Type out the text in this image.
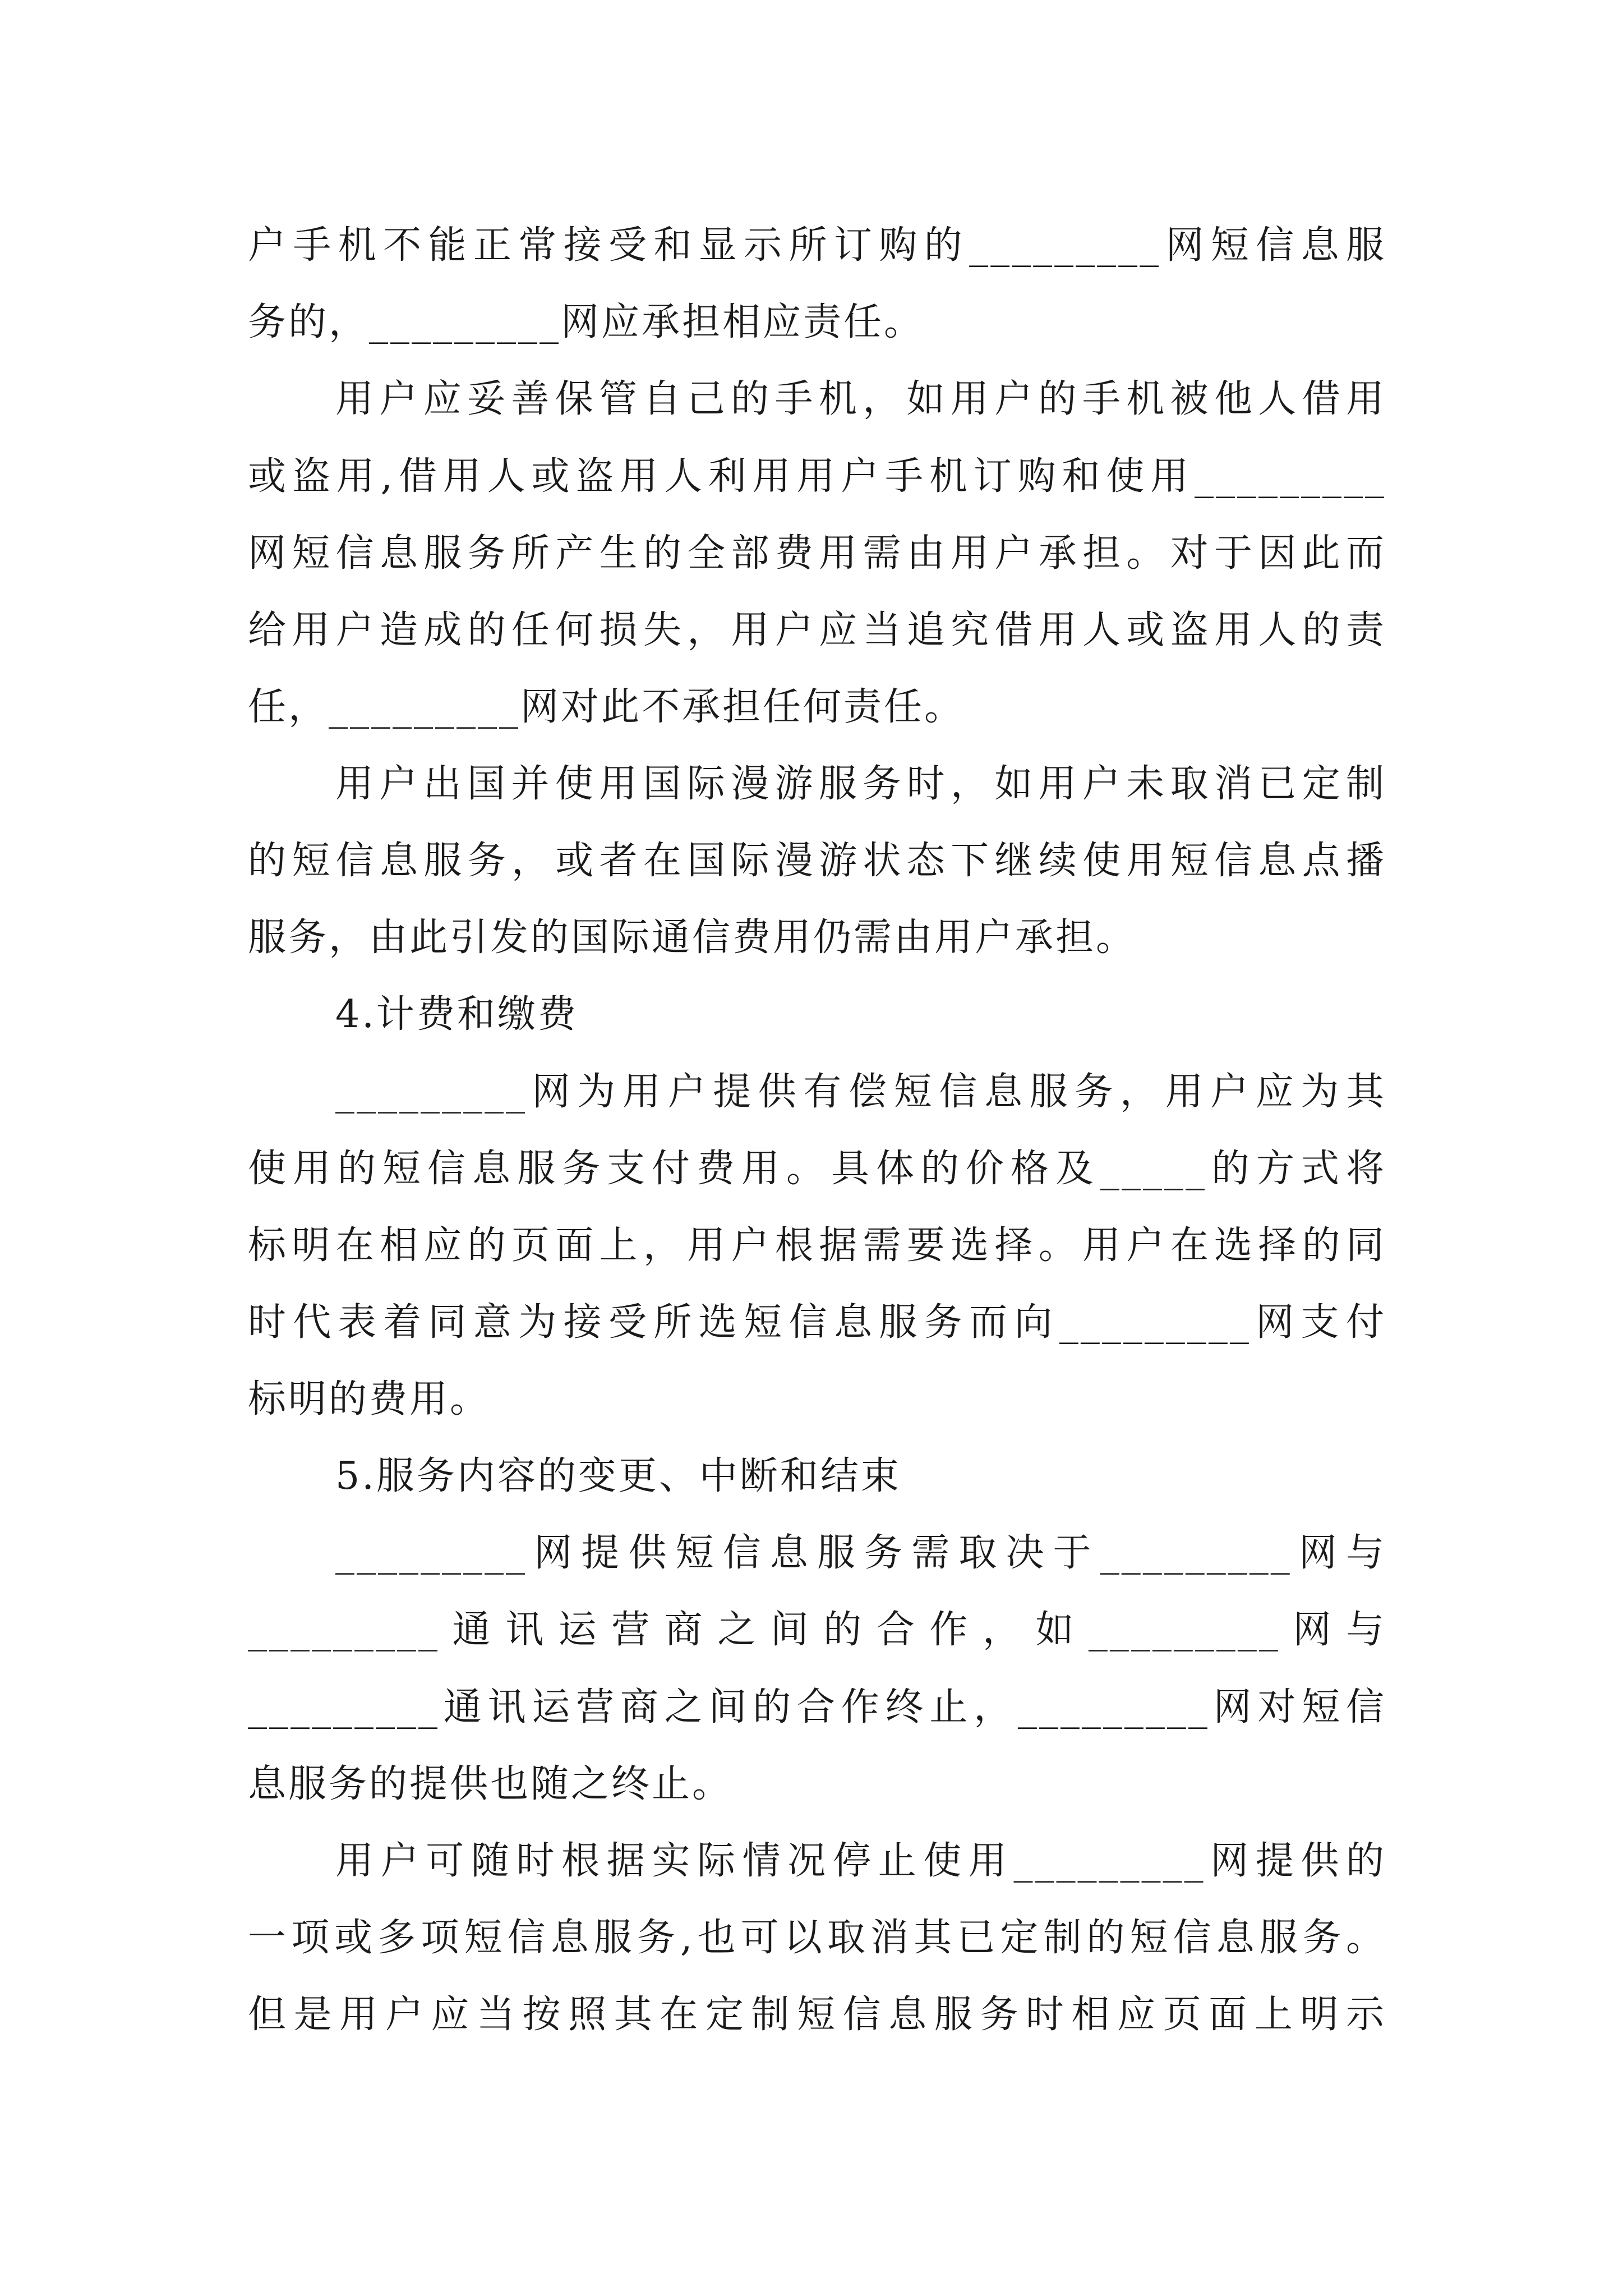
户手机不能正常接受和显示所订购的_________网短信息服

务的，_________网应承担相应责任。

用户应妥善保管自己的手机，如用户的手机被他人借用

或盗用,借用人或盗用人利用用户手机订购和使用_________

网短信息服务所产生的全部费用需由用户承担。对于因此而

给用户造成的任何损失，用户应当追究借用人或盗用人的责

任，_________网对此不承担任何责任。

用户出国并使用国际漫游服务时，如用户未取消已定制

的短信息服务，或者在国际漫游状态下继续使用短信息点播

服务，由此引发的国际通信费用仍需由用户承担。

4.计费和缴费

_________网为用户提供有偿短信息服务，用户应为其

使用的短信息服务支付费用。具体的价格及_____的方式将

标明在相应的页面上，用户根据需要选择。用户在选择的同

时代表着同意为接受所选短信息服务而向_________网支付

标明的费用。

5.服务内容的变更、中断和结束

_________网提供短信息服务需取决于_________网与

_________通讯运营商之间的合作，如_________网与

_________通讯运营商之间的合作终止，_________网对短信

息服务的提供也随之终止。

用户可随时根据实际情况停止使用_________网提供的

一项或多项短信息服务,也可以取消其已定制的短信息服务。

但是用户应当按照其在定制短信息服务时相应页面上明示
